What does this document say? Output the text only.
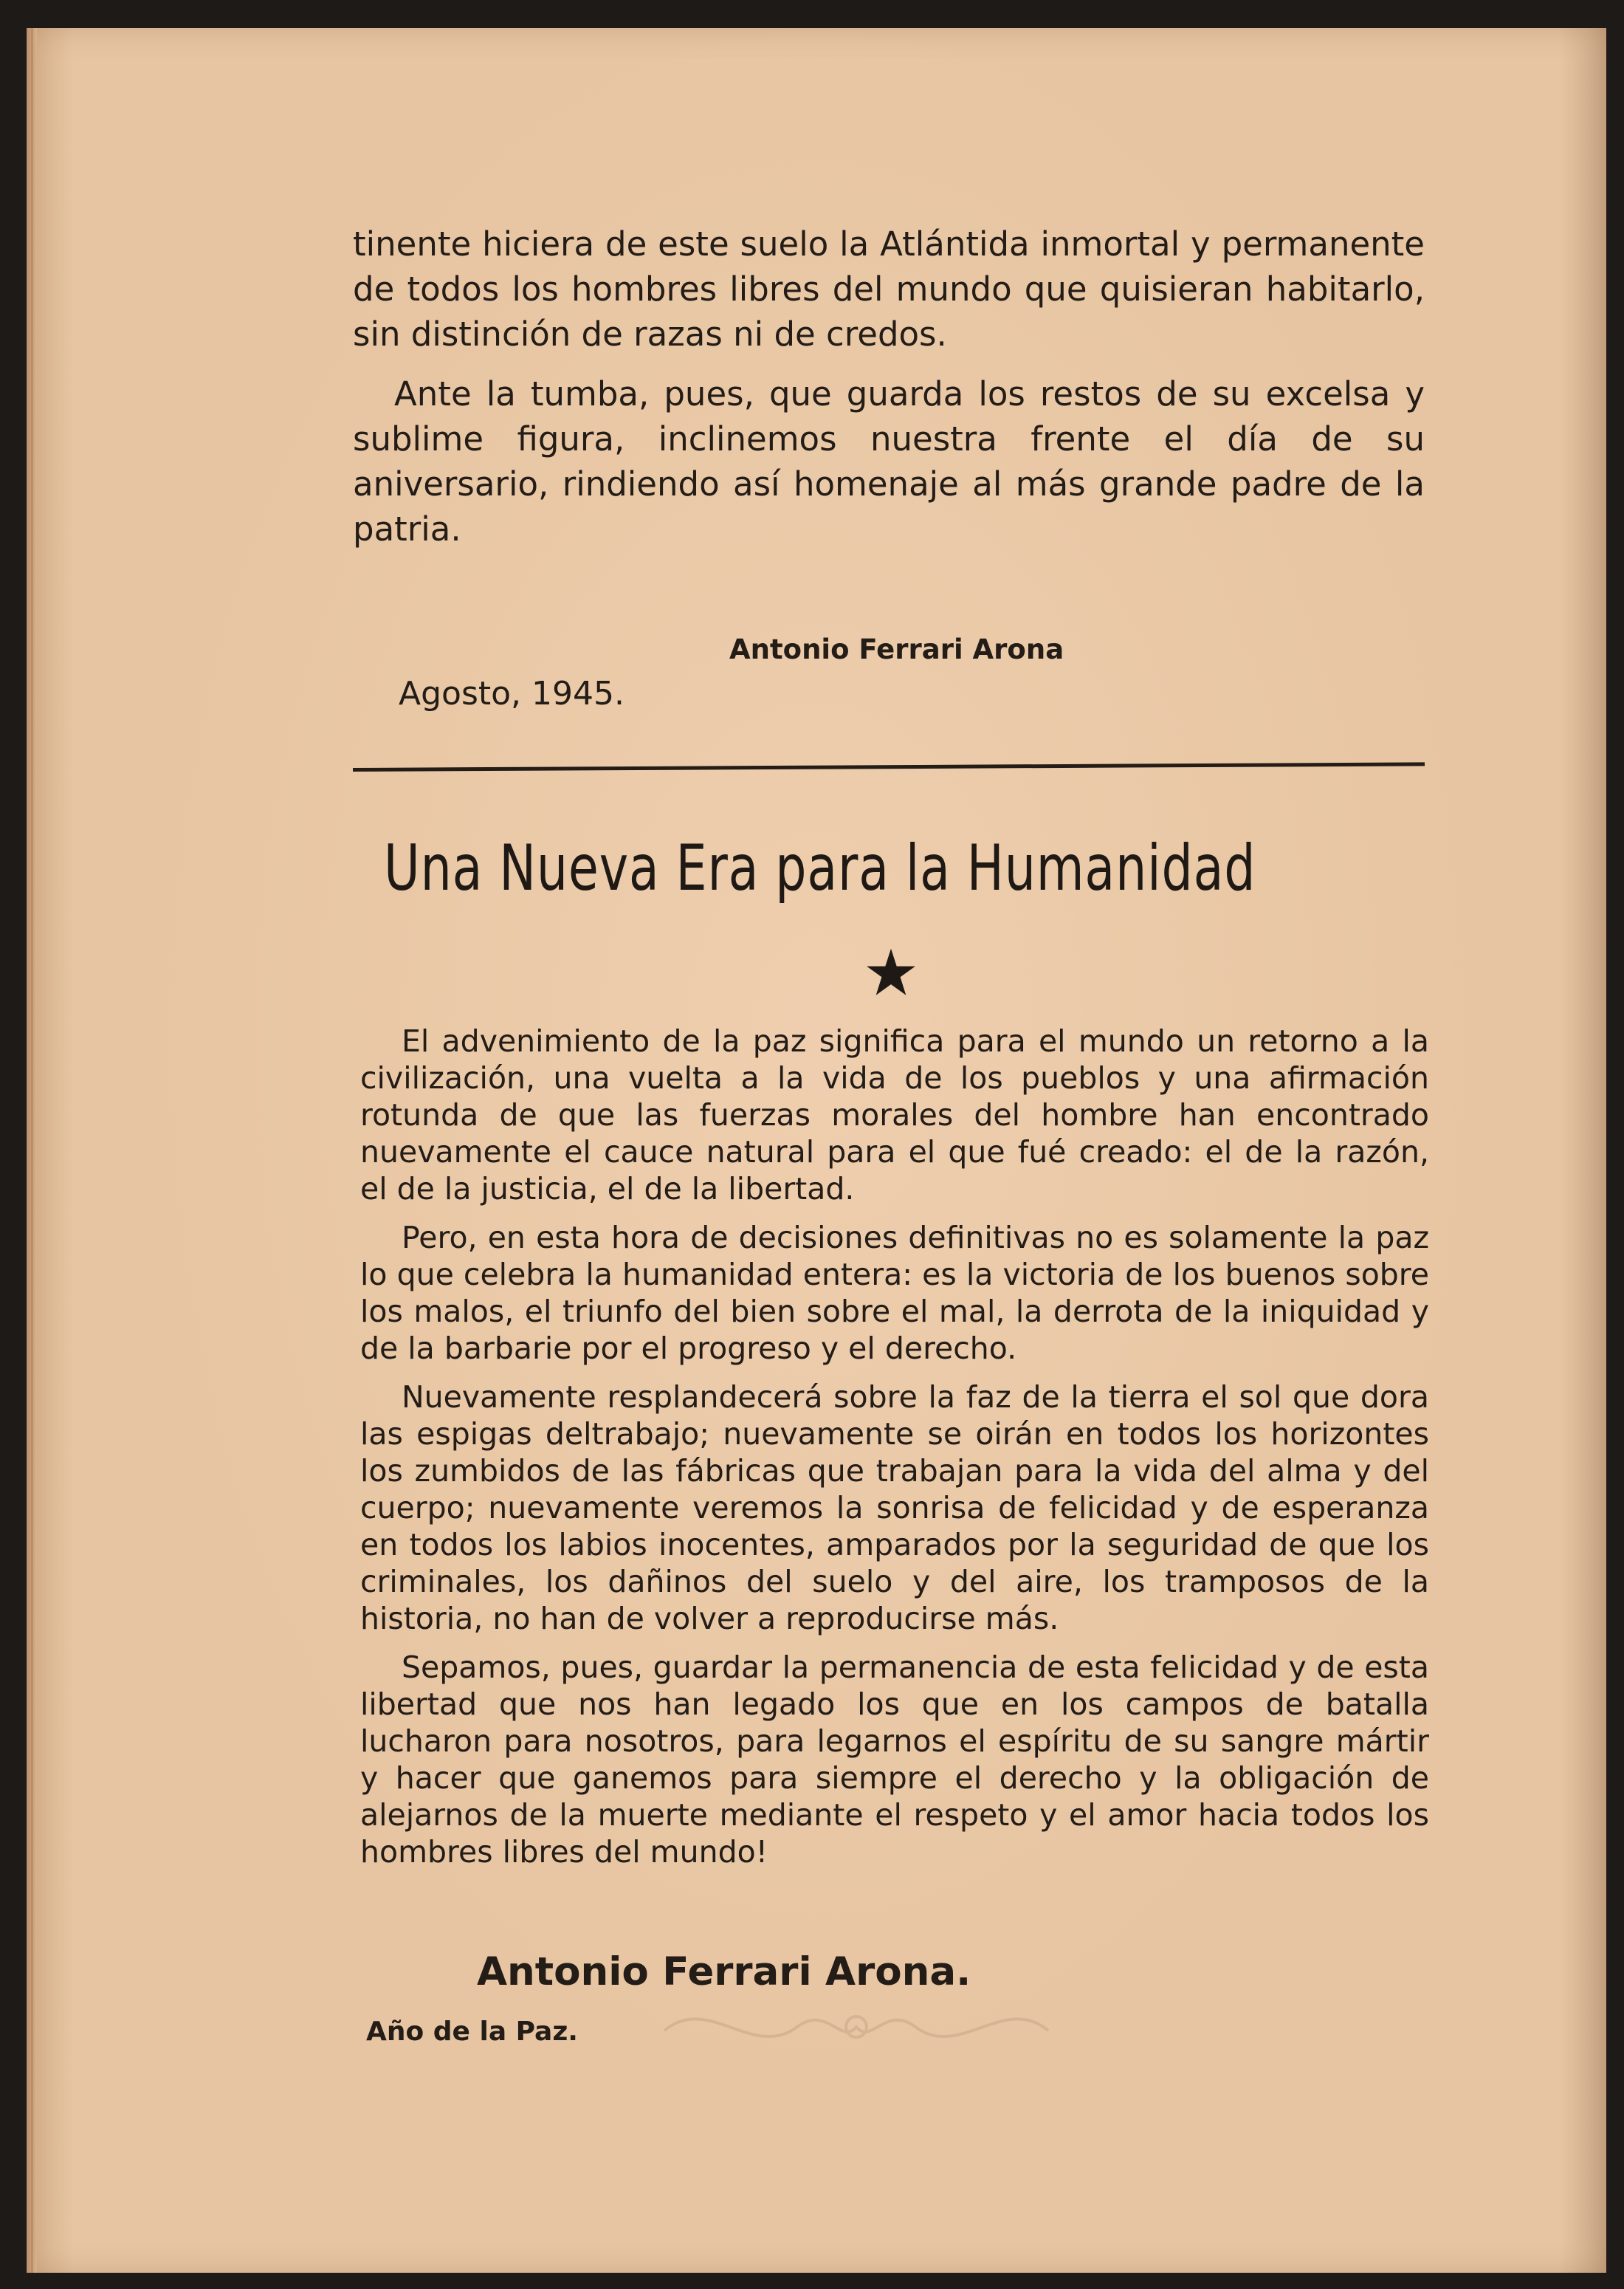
tinente hiciera de este suelo la Atlántida inmortal y permanente de todos los hombres libres del mundo que quisieran habitarlo, sin distinción de razas ni de credos.

Ante la tumba, pues, que guarda los restos de su excelsa y sublime figura, inclinemos nuestra frente el día de su aniversario, rindiendo así homenaje al más grande padre de la patria.

Antonio Ferrari Arona
Agosto, 1945.
Una Nueva Era para la Humanidad

El advenimiento de la paz significa para el mundo un retorno a la civilización, una vuelta a la vida de los pueblos y una afirmación rotunda de que las fuerzas morales del hombre han encontrado nuevamente el cauce natural para el que fué creado: el de la razón, el de la justicia, el de la libertad.

Pero, en esta hora de decisiones definitivas no es solamente la paz lo que celebra la humanidad entera: es la victoria de los buenos sobre los malos, el triunfo del bien sobre el mal, la derrota de la iniquidad y de la barbarie por el progreso y el derecho.

Nuevamente resplandecerá sobre la faz de la tierra el sol que dora las espigas deltrabajo; nuevamente se oirán en todos los horizontes los zumbidos de las fábricas que trabajan para la vida del alma y del cuerpo; nuevamente veremos la sonrisa de felicidad y de esperanza en todos los labios inocentes, amparados por la seguridad de que los criminales, los dañinos del suelo y del aire, los tramposos de la historia, no han de volver a reproducirse más.

Sepamos, pues, guardar la permanencia de esta felicidad y de esta libertad que nos han legado los que en los campos de batalla lucharon para nosotros, para legarnos el espíritu de su sangre mártir y hacer que ganemos para siempre el derecho y la obligación de alejarnos de la muerte mediante el respeto y el amor hacia todos los hombres libres del mundo!

Antonio Ferrari Arona.
Año de la Paz.
